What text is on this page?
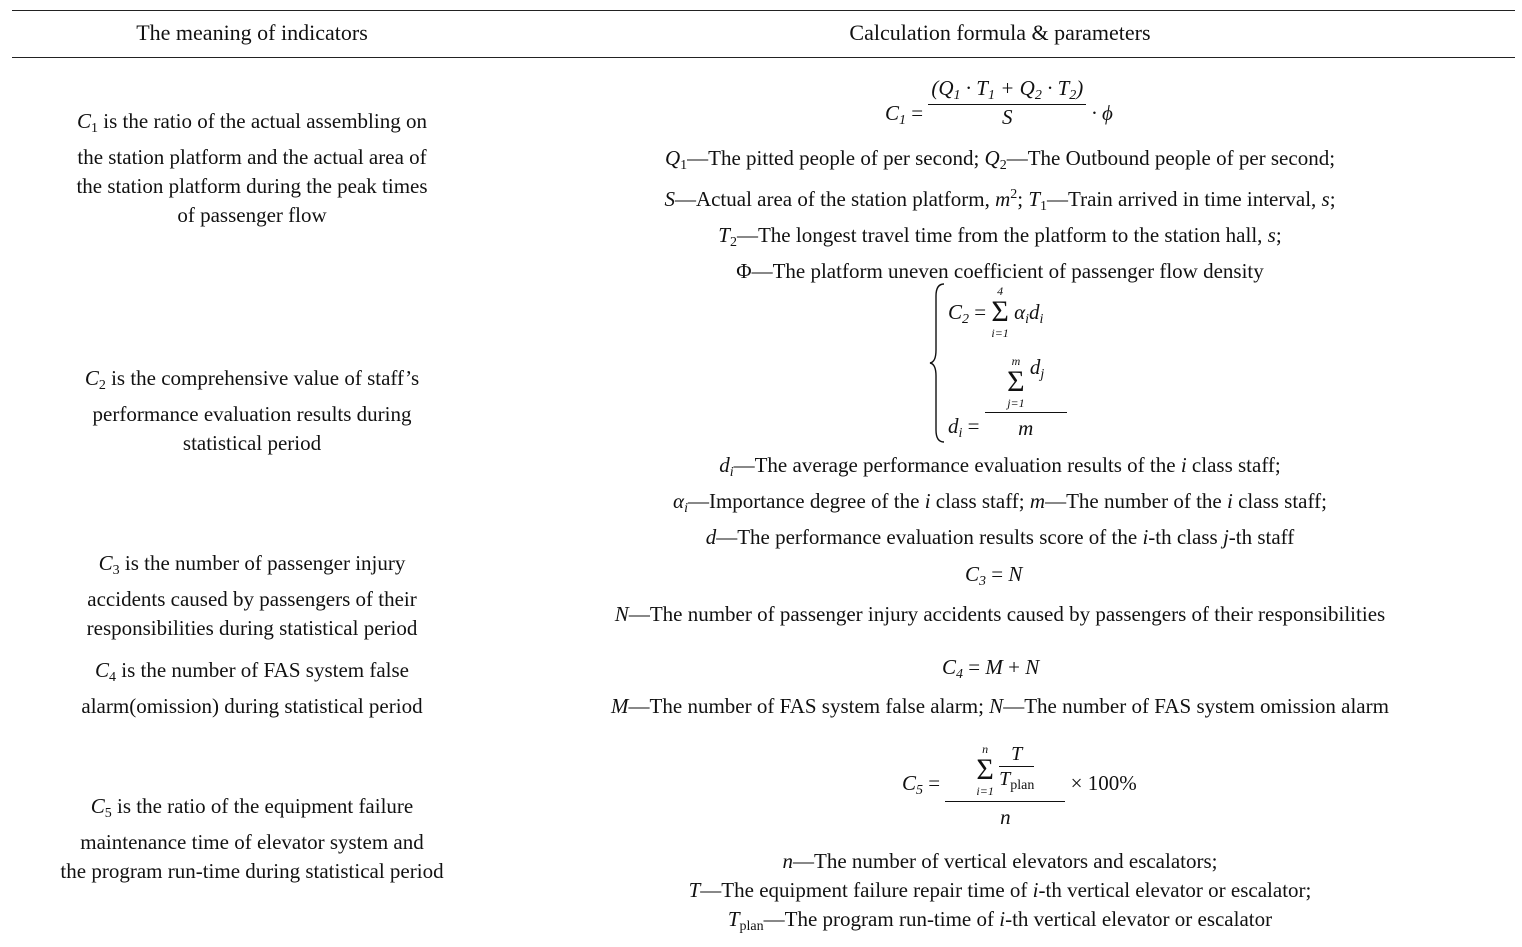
The meaning of indicators	Calculation formula & parameters
$C_1$ is the ratio of the actual assembling on
the station platform and the actual area of
the station platform during the peak times
of passenger flow
$C_1 = \frac{(Q_1 \cdot T_1 + Q_2 \cdot T_2)}{S} \cdot \phi$
$Q_1—The$ pitted people of per second; $Q_2—The$ Outbound people of per second;
S—Actual area of the station platform, $m^2$; $T_1—Train$ arrived in time interval, s;
$T_2—The$ longest travel time from the platform to the station hall, s;
Φ—The platform uneven coefficient of passenger flow density
$C_2$ is the comprehensive value of staff’s
performance evaluation results during
statistical period
$C_2$ =
4
Σ
i=1
$\alpha_id_i$
$d_i = m$
Σ
j=1
$d_j$
m
$d_i—The$ average performance evaluation results of the i class staff;
$\alpha_i—Importance$ degree of the i class staff; m—The number of the i class staff;
d—The performance evaluation results score of the i-th class j-th staff
$C_3$ is the number of passenger injury
accidents caused by passengers of their
responsibilities during statistical period
$C_3 = N$
N—The number of passenger injury accidents caused by passengers of their responsibilities
$C_4$ is the number of FAS system false
alarm(omission) during statistical period
$C_4 = M + N$
M—The number of FAS system false alarm; N—The number of FAS system omission alarm
$C_5$ is the ratio of the equipment failure
maintenance time of elevator system and
the program run-time during statistical period
$C_5$ =
n
Σ
i=1
$\frac{T}{T_{plan}}$
n
× 100%
n—The number of vertical elevators and escalators;
T—The equipment failure repair time of i-th vertical elevator or escalator;
$T_{plan}—The$ program run-time of i-th vertical elevator or escalator
